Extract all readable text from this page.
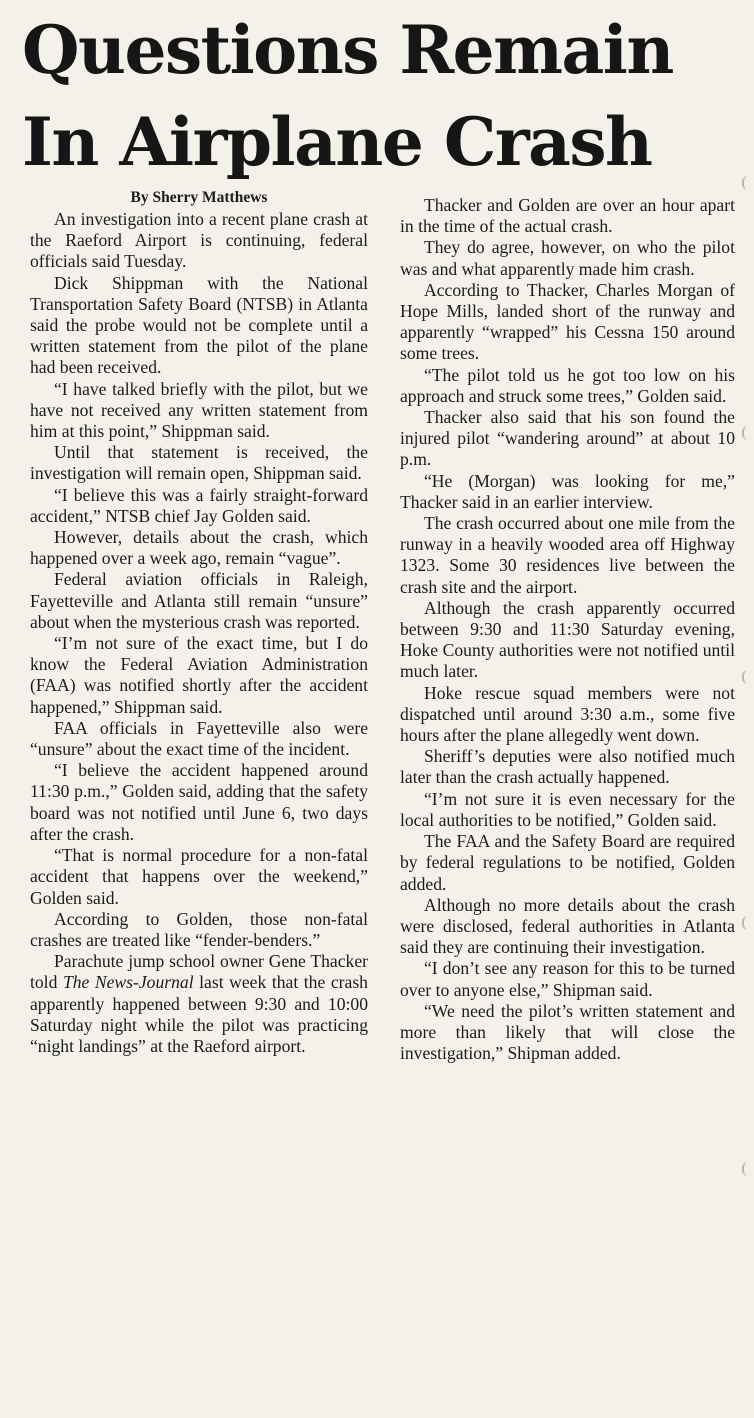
Questions Remain
In Airplane Crash
By Sherry Matthews

An investigation into a recent plane crash at the Raeford Airport is continuing, federal officials said Tuesday.

Dick Shippman with the National Transportation Safety Board (NTSB) in Atlanta said the probe would not be complete until a written statement from the pilot of the plane had been received.

“I have talked briefly with the pilot, but we have not received any written statement from him at this point,” Shippman said.

Until that statement is received, the investigation will remain open, Shippman said.

“I believe this was a fairly straight-forward accident,” NTSB chief Jay Golden said.

However, details about the crash, which happened over a week ago, remain “vague”.

Federal aviation officials in Raleigh, Fayetteville and Atlanta still remain “unsure” about when the mysterious crash was reported.

“I’m not sure of the exact time, but I do know the Federal Aviation Administration (FAA) was notified shortly after the accident happened,” Shippman said.

FAA officials in Fayetteville also were “unsure” about the exact time of the incident.

“I believe the accident happened around 11:30 p.m.,” Golden said, adding that the safety board was not notified until June 6, two days after the crash.

“That is normal procedure for a non-fatal accident that happens over the weekend,” Golden said.

According to Golden, those non-fatal crashes are treated like “fender-benders.”

Parachute jump school owner Gene Thacker told The News-Journal last week that the crash apparently happened between 9:30 and 10:00 Saturday night while the pilot was practicing “night landings” at the Raeford airport.

Thacker and Golden are over an hour apart in the time of the actual crash.

They do agree, however, on who the pilot was and what apparently made him crash.

According to Thacker, Charles Morgan of Hope Mills, landed short of the runway and apparently “wrapped” his Cessna 150 around some trees.

“The pilot told us he got too low on his approach and struck some trees,” Golden said.

Thacker also said that his son found the injured pilot “wandering around” at about 10 p.m.

“He (Morgan) was looking for me,” Thacker said in an earlier interview.

The crash occurred about one mile from the runway in a heavily wooded area off Highway 1323. Some 30 residences live between the crash site and the airport.

Although the crash apparently occurred between 9:30 and 11:30 Saturday evening, Hoke County authorities were not notified until much later.

Hoke rescue squad members were not dispatched until around 3:30 a.m., some five hours after the plane allegedly went down.

Sheriff’s deputies were also notified much later than the crash actually happened.

“I’m not sure it is even necessary for the local authorities to be notified,” Golden said.

The FAA and the Safety Board are required by federal regulations to be notified, Golden added.

Although no more details about the crash were disclosed, federal authorities in Atlanta said they are continuing their investigation.

“I don’t see any reason for this to be turned over to anyone else,” Shipman said.

“We need the pilot’s written statement and more than likely that will close the investigation,” Shipman added.
